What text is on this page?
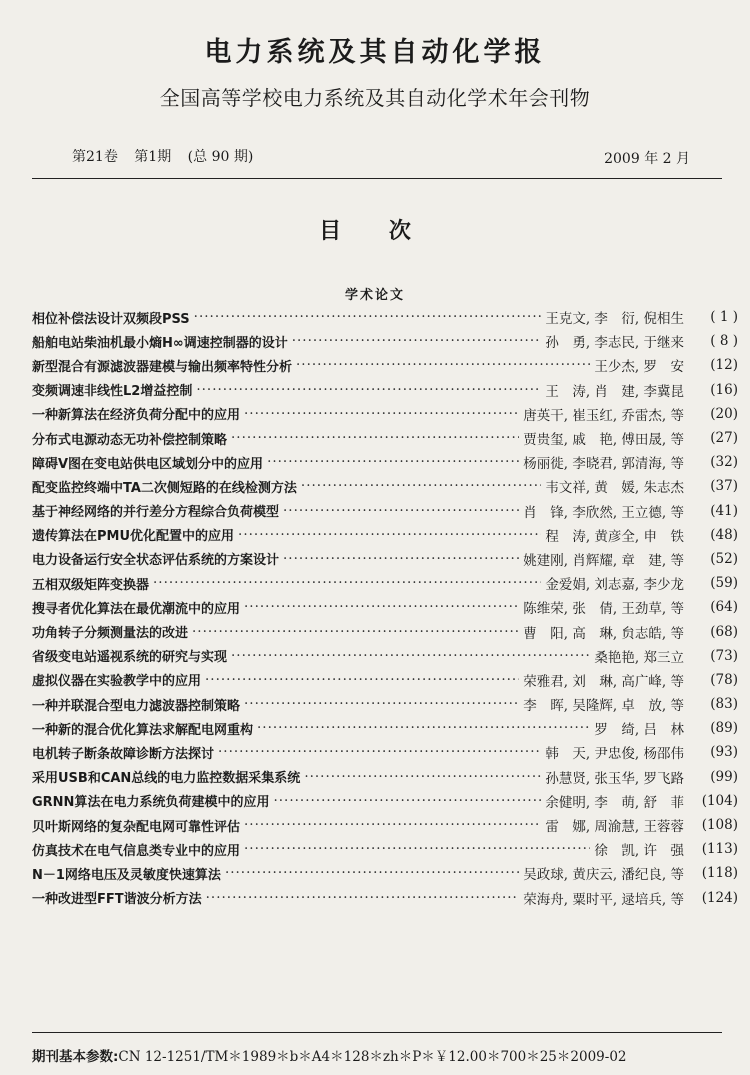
电力系统及其自动化学报
全国高等学校电力系统及其自动化学术年会刊物
第21卷 第1期 (总 90 期)	2009 年 2 月
目 次
学术论文
相位补偿法设计双频段PSS ·····	王克文, 李　衍, 倪相生	( 1 )
船舶电站柴油机最小熵H∞调速控制器的设计 ·····	孙　勇, 李志民, 于继来	( 8 )
新型混合有源滤波器建模与输出频率特性分析 ·····	王少杰, 罗　安	(12)
变频调速非线性L2增益控制 ·····	王　涛, 肖　建, 李冀昆	(16)
一种新算法在经济负荷分配中的应用 ·····	唐英干, 崔玉红, 乔雷杰, 等	(20)
分布式电源动态无功补偿控制策略 ·····	贾贵玺, 戚　艳, 傅田晟, 等	(27)
障碍V图在变电站供电区域划分中的应用 ·····	杨丽徙, 李晓君, 郭清海, 等	(32)
配变监控终端中TA二次侧短路的在线检测方法 ·····	韦文祥, 黄　媛, 朱志杰	(37)
基于神经网络的并行差分方程综合负荷模型 ·····	肖　锋, 李欣然, 王立德, 等	(41)
遗传算法在PMU优化配置中的应用 ·····	程　涛, 黄彦全, 申　铁	(48)
电力设备运行安全状态评估系统的方案设计 ·····	姚建刚, 肖辉耀, 章　建, 等	(52)
五相双级矩阵变换器 ·····	金爱娟, 刘志嘉, 李少龙	(59)
搜寻者优化算法在最优潮流中的应用 ·····	陈维荣, 张　倩, 王劲草, 等	(64)
功角转子分频测量法的改进 ·····	曹　阳, 高　琳, 贠志皓, 等	(68)
省级变电站遥视系统的研究与实现 ·····	桑艳艳, 郑三立	(73)
虚拟仪器在实验教学中的应用 ·····	荣雅君, 刘　琳, 高广峰, 等	(78)
一种并联混合型电力滤波器控制策略 ·····	李　晖, 吴隆辉, 卓　放, 等	(83)
一种新的混合优化算法求解配电网重构 ·····	罗　绮, 吕　林	(89)
电机转子断条故障诊断方法探讨 ·····	韩　天, 尹忠俊, 杨邵伟	(93)
采用USB和CAN总线的电力监控数据采集系统 ·····	孙慧贤, 张玉华, 罗飞路	(99)
GRNN算法在电力系统负荷建模中的应用 ·····	余健明, 李　萌, 舒　菲	(104)
贝叶斯网络的复杂配电网可靠性评估 ·····	雷　娜, 周渝慧, 王蓉蓉	(108)
仿真技术在电气信息类专业中的应用 ·····	徐　凯, 许　强	(113)
N－1网络电压及灵敏度快速算法 ·····	吴政球, 黄庆云, 潘纪良, 等	(118)
一种改进型FFT谐波分析方法 ·····	荣海舟, 粟时平, 逯培兵, 等	(124)
期刊基本参数:CN 12-1251/TM＊1989＊b＊A4＊128＊zh＊P＊￥12.00＊700＊25＊2009-02
